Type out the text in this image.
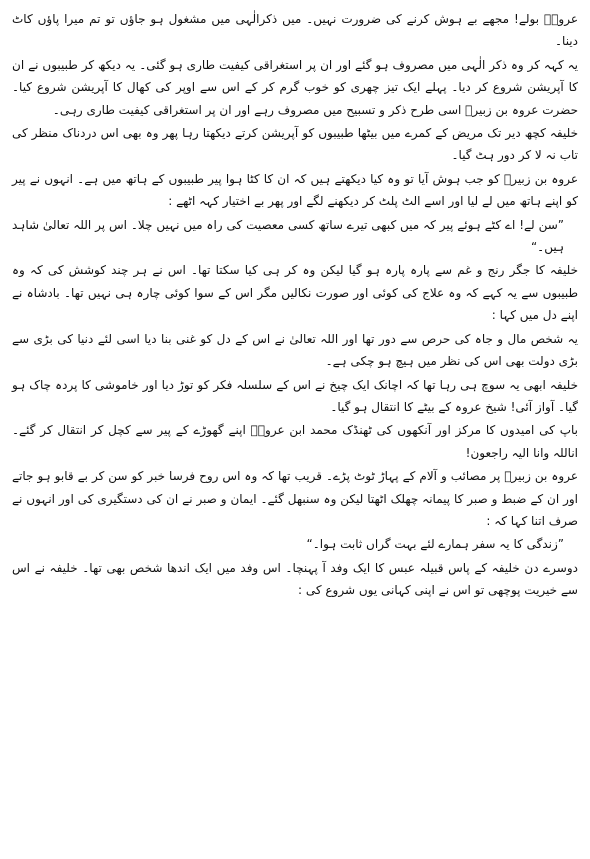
عروہؓ بولے! مجھے بے ہوش کرنے کی ضرورت نہیں۔ میں ذکرالٰہی میں مشغول ہو جاؤں تو تم میرا پاؤں کاٹ دینا۔

یہ کہہ کر وہ ذکر الٰہی میں مصروف ہو گئے اور ان پر استغراقی کیفیت طاری ہو گئی۔ یہ دیکھ کر طبیبوں نے ان کا آپریشن شروع کر دیا۔ پہلے ایک تیز چھری کو خوب گرم کر کے اس سے اوپر کی کھال کا آپریشن شروع کیا۔ حضرت عروہ بن زبیرؓ اسی طرح ذکر و تسبیح میں مصروف رہے اور ان پر استغراقی کیفیت طاری رہی۔

خلیفہ کچھ دیر تک مریض کے کمرے میں بیٹھا طبیبوں کو آپریشن کرتے دیکھتا رہا پھر وہ بھی اس دردناک منظر کی تاب نہ لا کر دور ہٹ گیا۔

عروہ بن زبیرؓ کو جب ہوش آیا تو وہ کیا دیکھتے ہیں کہ ان کا کٹا ہوا پیر طبیبوں کے ہاتھ میں ہے۔ انہوں نے پیر کو اپنے ہاتھ میں لے لیا اور اسے الٹ پلٹ کر دیکھنے لگے اور پھر بے اختیار کہہ اٹھے :

”سن لے! اے کٹے ہوئے پیر کہ میں کبھی تیرے ساتھ کسی معصیت کی راہ میں نہیں چلا۔ اس پر اللہ تعالیٰ شاہد ہیں۔“

خلیفہ کا جگر رنج و غم سے پارہ پارہ ہو گیا لیکن وہ کر ہی کیا سکتا تھا۔ اس نے ہر چند کوشش کی کہ وہ طبیبوں سے یہ کہے کہ وہ علاج کی کوئی اور صورت نکالیں مگر اس کے سوا کوئی چارہ ہی نہیں تھا۔ بادشاہ نے اپنے دل میں کہا :

یہ شخص مال و جاہ کی حرص سے دور تھا اور اللہ تعالیٰ نے اس کے دل کو غنی بنا دیا اسی لئے دنیا کی بڑی سے بڑی دولت بھی اس کی نظر میں ہیچ ہو چکی ہے۔

خلیفہ ابھی یہ سوچ ہی رہا تھا کہ اچانک ایک چیخ نے اس کے سلسلہ فکر کو توڑ دیا اور خاموشی کا پردہ چاک ہو گیا۔ آواز آئی! شیخ عروہ کے بیٹے کا انتقال ہو گیا۔

باپ کی امیدوں کا مرکز اور آنکھوں کی ٹھنڈک محمد ابن عروہؓ اپنے گھوڑے کے پیر سے کچل کر انتقال کر گئے۔ اناللہ وانا الیہ راجعون!

عروہ بن زبیرؓ پر مصائب و آلام کے پہاڑ ٹوٹ پڑے۔ قریب تھا کہ وہ اس روح فرسا خبر کو سن کر بے قابو ہو جاتے اور ان کے ضبط و صبر کا پیمانہ چھلک اٹھتا لیکن وہ سنبھل گئے۔ ایمان و صبر نے ان کی دستگیری کی اور انہوں نے صرف اتنا کہا کہ :

”زندگی کا یہ سفر ہمارے لئے بہت گراں ثابت ہوا۔“

دوسرے دن خلیفہ کے پاس قبیلہ عبس کا ایک وفد آ پہنچا۔ اس وفد میں ایک اندھا شخص بھی تھا۔ خلیفہ نے اس سے خیریت پوچھی تو اس نے اپنی کہانی یوں شروع کی :
